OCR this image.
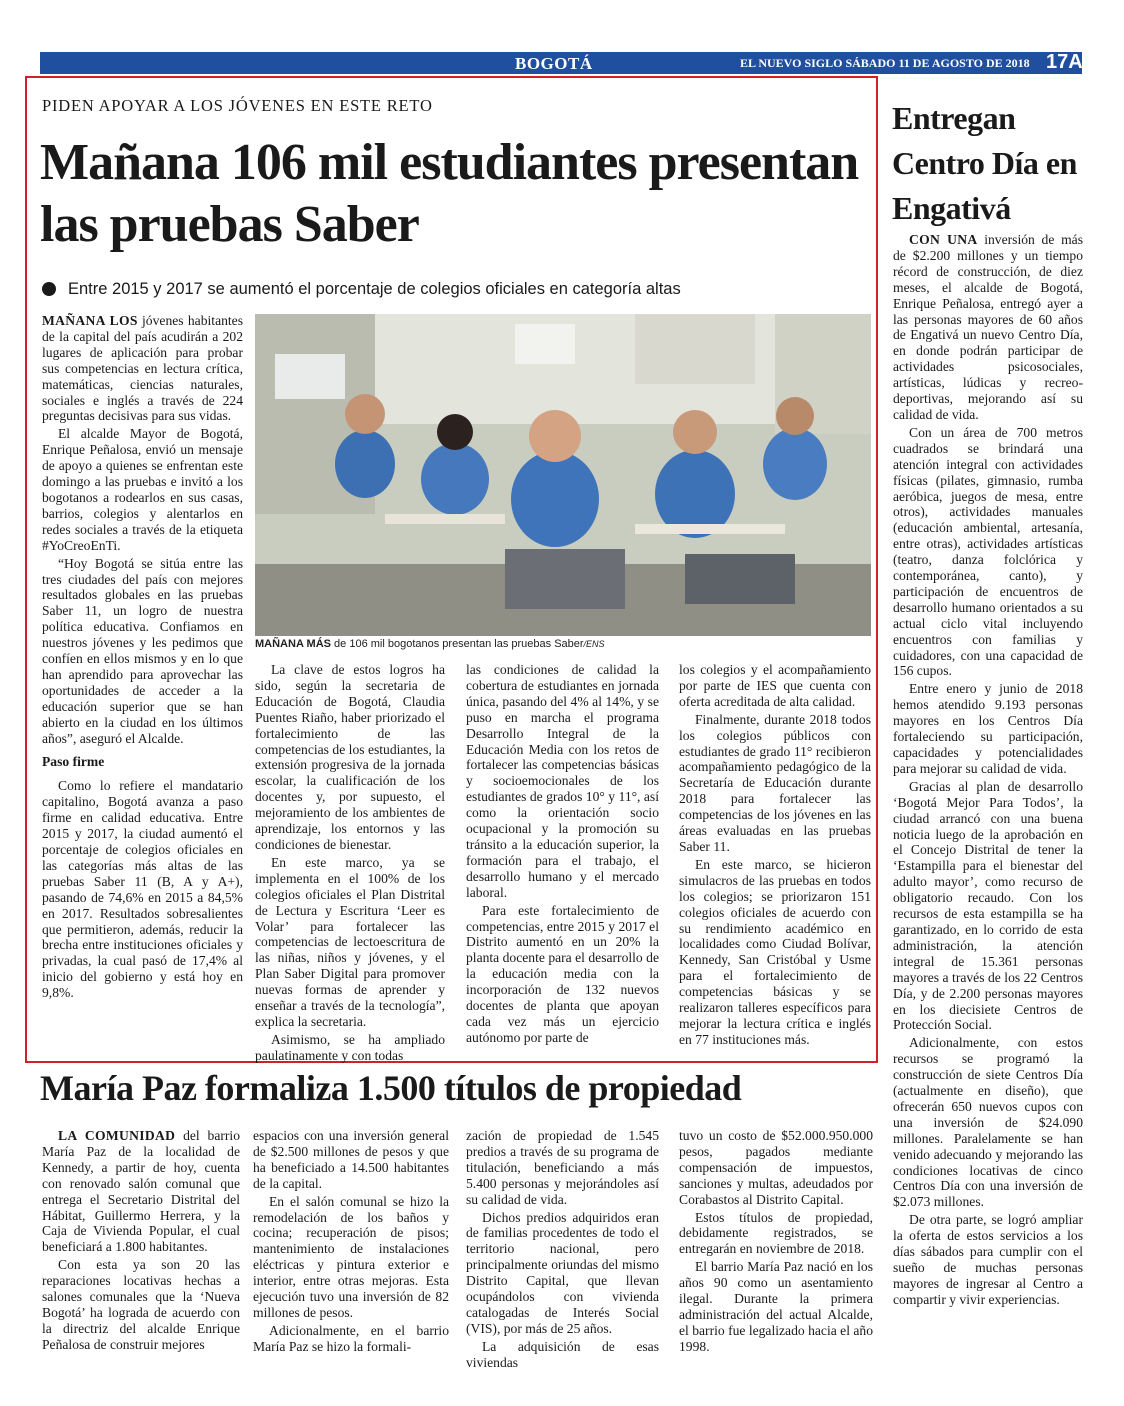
BOGOTÁ	EL NUEVO SIGLO SÁBADO 11 DE AGOSTO DE 2018 17A
PIDEN APOYAR A LOS JÓVENES EN ESTE RETO
Mañana 106 mil estudiantes presentan las pruebas Saber
Entre 2015 y 2017 se aumentó el porcentaje de colegios oficiales en categoría altas

MAÑANA LOS jóvenes habitantes de la capital del país acudirán a 202 lugares de aplicación para probar sus competencias en lectura crítica, matemáticas, ciencias naturales, sociales e inglés a través de 224 preguntas decisivas para sus vidas.

El alcalde Mayor de Bogotá, Enrique Peñalosa, envió un mensaje de apoyo a quienes se enfrentan este domingo a las pruebas e invitó a los bogotanos a rodearlos en sus casas, barrios, colegios y alentarlos en redes sociales a través de la etiqueta #YoCreoEnTi.

“Hoy Bogotá se sitúa entre las tres ciudades del país con mejores resultados globales en las pruebas Saber 11, un logro de nuestra política educativa. Confiamos en nuestros jóvenes y les pedimos que confíen en ellos mismos y en lo que han aprendido para aprovechar las oportunidades de acceder a la educación superior que se han abierto en la ciudad en los últimos años”, aseguró el Alcalde.

Paso firme

Como lo refiere el mandatario capitalino, Bogotá avanza a paso firme en calidad educativa. Entre 2015 y 2017, la ciudad aumentó el porcentaje de colegios oficiales en las categorías más altas de las pruebas Saber 11 (B, A y A+), pasando de 74,6% en 2015 a 84,5% en 2017. Resultados sobresalientes que permitieron, además, reducir la brecha entre instituciones oficiales y privadas, la cual pasó de 17,4% al inicio del gobierno y está hoy en 9,8%.

MAÑANA MÁS de 106 mil bogotanos presentan las pruebas Saber/ENS

La clave de estos logros ha sido, según la secretaria de Educación de Bogotá, Claudia Puentes Riaño, haber priorizado el fortalecimiento de las competencias de los estudiantes, la extensión progresiva de la jornada escolar, la cualificación de los docentes y, por supuesto, el mejoramiento de los ambientes de aprendizaje, los entornos y las condiciones de bienestar.

En este marco, ya se implementa en el 100% de los colegios oficiales el Plan Distrital de Lectura y Escritura ‘Leer es Volar’ para fortalecer las competencias de lectoescritura de las niñas, niños y jóvenes, y el Plan Saber Digital para promover nuevas formas de aprender y enseñar a través de la tecnología”, explica la secretaria.

Asimismo, se ha ampliado paulatinamente y con todas

las condiciones de calidad la cobertura de estudiantes en jornada única, pasando del 4% al 14%, y se puso en marcha el programa Desarrollo Integral de la Educación Media con los retos de fortalecer las competencias básicas y socioemocionales de los estudiantes de grados 10° y 11°, así como la orientación socio ocupacional y la promoción su tránsito a la educación superior, la formación para el trabajo, el desarrollo humano y el mercado laboral.

Para este fortalecimiento de competencias, entre 2015 y 2017 el Distrito aumentó en un 20% la planta docente para el desarrollo de la educación media con la incorporación de 132 nuevos docentes de planta que apoyan cada vez más un ejercicio autónomo por parte de

los colegios y el acompañamiento por parte de IES que cuenta con oferta acreditada de alta calidad.

Finalmente, durante 2018 todos los colegios públicos con estudiantes de grado 11° recibieron acompañamiento pedagógico de la Secretaría de Educación durante 2018 para fortalecer las competencias de los jóvenes en las áreas evaluadas en las pruebas Saber 11.

En este marco, se hicieron simulacros de las pruebas en todos los colegios; se priorizaron 151 colegios oficiales de acuerdo con su rendimiento académico en localidades como Ciudad Bolívar, Kennedy, San Cristóbal y Usme para el fortalecimiento de competencias básicas y se realizaron talleres específicos para mejorar la lectura crítica e inglés en 77 instituciones más.

Entregan Centro Día en Engativá

CON UNA inversión de más de $2.200 millones y un tiempo récord de construcción, de diez meses, el alcalde de Bogotá, Enrique Peñalosa, entregó ayer a las personas mayores de 60 años de Engativá un nuevo Centro Día, en donde podrán participar de actividades psicosociales, artísticas, lúdicas y recreo-deportivas, mejorando así su calidad de vida.

Con un área de 700 metros cuadrados se brindará una atención integral con actividades físicas (pilates, gimnasio, rumba aeróbica, juegos de mesa, entre otros), actividades manuales (educación ambiental, artesanía, entre otras), actividades artísticas (teatro, danza folclórica y contemporánea, canto), y participación de encuentros de desarrollo humano orientados a su actual ciclo vital incluyendo encuentros con familias y cuidadores, con una capacidad de 156 cupos.

Entre enero y junio de 2018 hemos atendido 9.193 personas mayores en los Centros Día fortaleciendo su participación, capacidades y potencialidades para mejorar su calidad de vida.

Gracias al plan de desarrollo ‘Bogotá Mejor Para Todos’, la ciudad arrancó con una buena noticia luego de la aprobación en el Concejo Distrital de tener la ‘Estampilla para el bienestar del adulto mayor’, como recurso de obligatorio recaudo. Con los recursos de esta estampilla se ha garantizado, en lo corrido de esta administración, la atención integral de 15.361 personas mayores a través de los 22 Centros Día, y de 2.200 personas mayores en los diecisiete Centros de Protección Social.

Adicionalmente, con estos recursos se programó la construcción de siete Centros Día (actualmente en diseño), que ofrecerán 650 nuevos cupos con una inversión de $24.090 millones. Paralelamente se han venido adecuando y mejorando las condiciones locativas de cinco Centros Día con una inversión de $2.073 millones.

De otra parte, se logró ampliar la oferta de estos servicios a los días sábados para cumplir con el sueño de muchas personas mayores de ingresar al Centro a compartir y vivir experiencias.

María Paz formaliza 1.500 títulos de propiedad

LA COMUNIDAD del barrio María Paz de la localidad de Kennedy, a partir de hoy, cuenta con renovado salón comunal que entrega el Secretario Distrital del Hábitat, Guillermo Herrera, y la Caja de Vivienda Popular, el cual beneficiará a 1.800 habitantes.

Con esta ya son 20 las reparaciones locativas hechas a salones comunales que la ‘Nueva Bogotá’ ha lograda de acuerdo con la directriz del alcalde Enrique Peñalosa de construir mejores

espacios con una inversión general de $2.500 millones de pesos y que ha beneficiado a 14.500 habitantes de la capital.

En el salón comunal se hizo la remodelación de los baños y cocina; recuperación de pisos; mantenimiento de instalaciones eléctricas y pintura exterior e interior, entre otras mejoras. Esta ejecución tuvo una inversión de 82 millones de pesos.

Adicionalmente, en el barrio María Paz se hizo la formali-

zación de propiedad de 1.545 predios a través de su programa de titulación, beneficiando a más 5.400 personas y mejorándoles así su calidad de vida.

Dichos predios adquiridos eran de familias procedentes de todo el territorio nacional, pero principalmente oriundas del mismo Distrito Capital, que llevan ocupándolos con vivienda catalogadas de Interés Social (VIS), por más de 25 años.

La adquisición de esas viviendas

tuvo un costo de $52.000.950.000 pesos, pagados mediante compensación de impuestos, sanciones y multas, adeudados por Corabastos al Distrito Capital.

Estos títulos de propiedad, debidamente registrados, se entregarán en noviembre de 2018.

El barrio María Paz nació en los años 90 como un asentamiento ilegal. Durante la primera administración del actual Alcalde, el barrio fue legalizado hacia el año 1998.
